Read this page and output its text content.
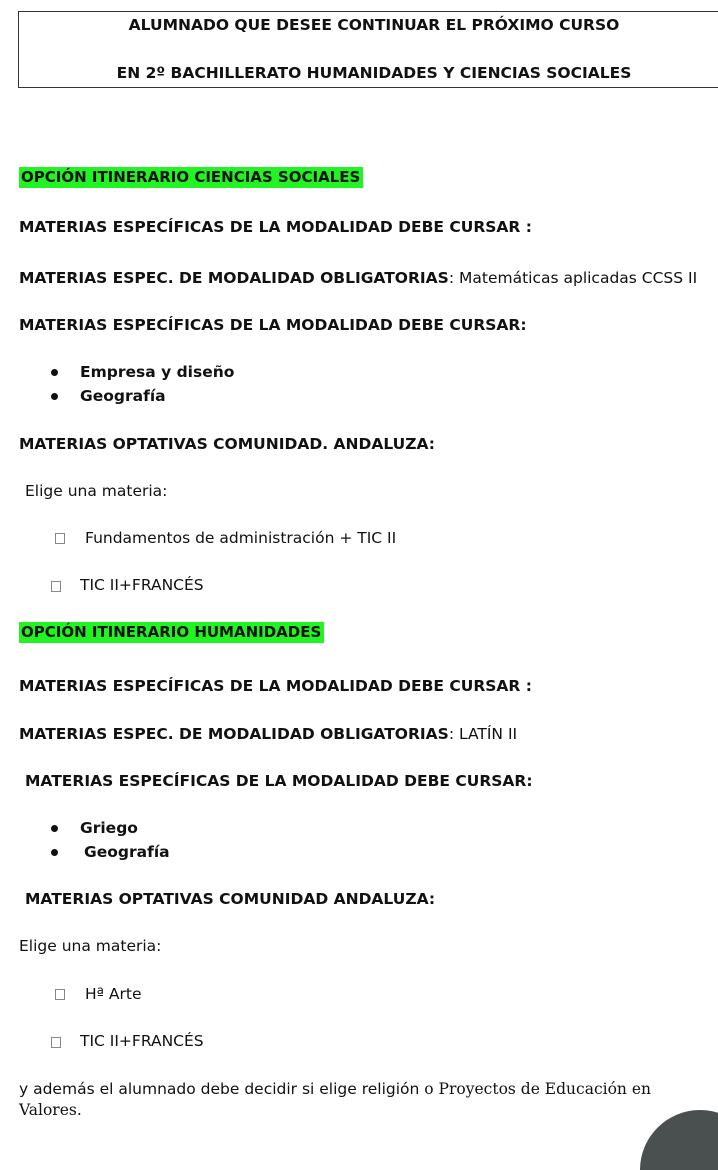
ALUMNADO QUE DESEE CONTINUAR EL PRÓXIMO CURSO
EN 2º BACHILLERATO HUMANIDADES Y CIENCIAS SOCIALES
OPCIÓN ITINERARIO CIENCIAS SOCIALES
MATERIAS ESPECÍFICAS DE LA MODALIDAD DEBE CURSAR :
MATERIAS ESPEC. DE MODALIDAD OBLIGATORIAS: Matemáticas aplicadas CCSS II
MATERIAS ESPECÍFICAS DE LA MODALIDAD DEBE CURSAR:
Empresa y diseño
Geografía
MATERIAS OPTATIVAS COMUNIDAD. ANDALUZA:
Elige una materia:
Fundamentos de administración + TIC II
TIC II+FRANCÉS
OPCIÓN ITINERARIO HUMANIDADES
MATERIAS ESPECÍFICAS DE LA MODALIDAD DEBE CURSAR :
MATERIAS ESPEC. DE MODALIDAD OBLIGATORIAS: LATÍN II
MATERIAS ESPECÍFICAS DE LA MODALIDAD DEBE CURSAR:
Griego
Geografía
MATERIAS OPTATIVAS COMUNIDAD ANDALUZA:
Elige una materia:
Hª Arte
TIC II+FRANCÉS
y además el alumnado debe decidir si elige religión o Proyectos de Educación en
Valores.
